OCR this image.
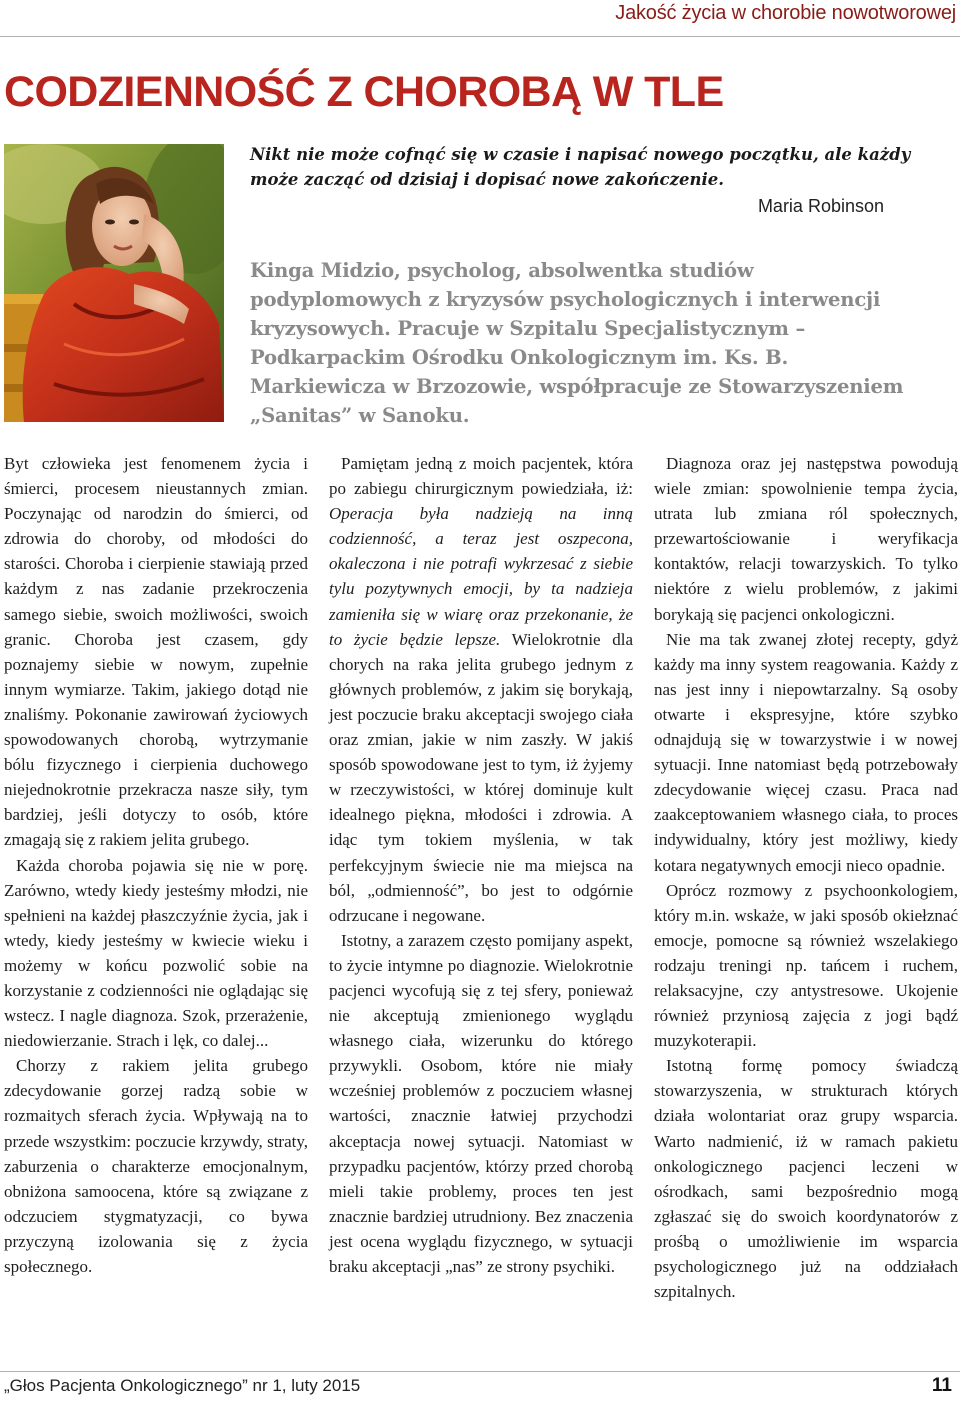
Jakość życia w chorobie nowotworowej
CODZIENNOŚĆ Z CHOROBĄ W TLE

Nikt nie może cofnąć się w czasie i napisać nowego początku, ale każdy może zacząć od dzisiaj i dopisać nowe zakończenie.

Maria Robinson

Kinga Midzio, psycholog, absolwentka studiów podyplomowych z kryzysów psychologicznych i interwencji kryzysowych. Pracuje w Szpitalu Specjalistycznym – Podkarpackim Ośrodku Onkologicznym im. Ks. B. Markiewicza w Brzozowie, współpracuje ze Stowarzyszeniem „Sanitas” w Sanoku.

Byt człowieka jest fenomenem życia i śmierci, procesem nieustannych zmian. Poczynając od narodzin do śmierci, od zdrowia do choroby, od młodości do starości. Choroba i cierpienie stawiają przed każdym z nas zadanie przekroczenia samego siebie, swoich możliwości, swoich granic. Choroba jest czasem, gdy poznajemy siebie w nowym, zupełnie innym wymiarze. Takim, jakiego dotąd nie znaliśmy. Pokonanie zawirowań życiowych spowodowanych chorobą, wytrzymanie bólu fizycznego i cierpienia duchowego niejednokrotnie przekracza nasze siły, tym bardziej, jeśli dotyczy to osób, które zmagają się z rakiem jelita grubego.

Każda choroba pojawia się nie w porę. Zarówno, wtedy kiedy jesteśmy młodzi, nie spełnieni na każdej płaszczyźnie życia, jak i wtedy, kiedy jesteśmy w kwiecie wieku i możemy w końcu pozwolić sobie na korzystanie z codzienności nie oglądając się wstecz. I nagle diagnoza. Szok, przerażenie, niedowierzanie. Strach i lęk, co dalej...

Chorzy z rakiem jelita grubego zdecydowanie gorzej radzą sobie w rozmaitych sferach życia. Wpływają na to przede wszystkim: poczucie krzywdy, straty, zaburzenia o charakterze emocjonalnym, obniżona samoocena, które są związane z odczuciem stygmatyzacji, co bywa przyczyną izolowania się z życia społecznego.

Pamiętam jedną z moich pacjentek, która po zabiegu chirurgicznym powiedziała, iż: Operacja była nadzieją na inną codzienność, a teraz jest oszpecona, okaleczona i nie potrafi wykrzesać z siebie tylu pozytywnych emocji, by ta nadzieja zamieniła się w wiarę oraz przekonanie, że to życie będzie lepsze. Wielokrotnie dla chorych na raka jelita grubego jednym z głównych problemów, z jakim się borykają, jest poczucie braku akceptacji swojego ciała oraz zmian, jakie w nim zaszły. W jakiś sposób spowodowane jest to tym, iż żyjemy w rzeczywistości, w której dominuje kult idealnego piękna, młodości i zdrowia. A idąc tym tokiem myślenia, w tak perfekcyjnym świecie nie ma miejsca na ból, „odmienność”, bo jest to odgórnie odrzucane i negowane.

Istotny, a zarazem często pomijany aspekt, to życie intymne po diagnozie. Wielokrotnie pacjenci wycofują się z tej sfery, ponieważ nie akceptują zmienionego wyglądu własnego ciała, wizerunku do którego przywykli. Osobom, które nie miały wcześniej problemów z poczuciem własnej wartości, znacznie łatwiej przychodzi akceptacja nowej sytuacji. Natomiast w przypadku pacjentów, którzy przed chorobą mieli takie problemy, proces ten jest znacznie bardziej utrudniony. Bez znaczenia jest ocena wyglądu fizycznego, w sytuacji braku akceptacji „nas” ze strony psychiki.

Diagnoza oraz jej następstwa powodują wiele zmian: spowolnienie tempa życia, utrata lub zmiana ról społecznych, przewartościowanie i weryfikacja kontaktów, relacji towarzyskich. To tylko niektóre z wielu problemów, z jakimi borykają się pacjenci onkologiczni.

Nie ma tak zwanej złotej recepty, gdyż każdy ma inny system reagowania. Każdy z nas jest inny i niepowtarzalny. Są osoby otwarte i ekspresyjne, które szybko odnajdują się w towarzystwie i w nowej sytuacji. Inne natomiast będą potrzebowały zdecydowanie więcej czasu. Praca nad zaakceptowaniem własnego ciała, to proces indywidualny, który jest możliwy, kiedy kotara negatywnych emocji nieco opadnie.

Oprócz rozmowy z psychoonkologiem, który m.in. wskaże, w jaki sposób okiełznać emocje, pomocne są również wszelakiego rodzaju treningi np. tańcem i ruchem, relaksacyjne, czy antystresowe. Ukojenie również przyniosą zajęcia z jogi bądź muzykoterapii.

Istotną formę pomocy świadczą stowarzyszenia, w strukturach których działa wolontariat oraz grupy wsparcia. Warto nadmienić, iż w ramach pakietu onkologicznego pacjenci leczeni w ośrodkach, sami bezpośrednio mogą zgłaszać się do swoich koordynatorów z prośbą o umożliwienie im wsparcia psychologicznego już na oddziałach szpitalnych.

„Głos Pacjenta Onkologicznego” nr 1, luty 2015	11
